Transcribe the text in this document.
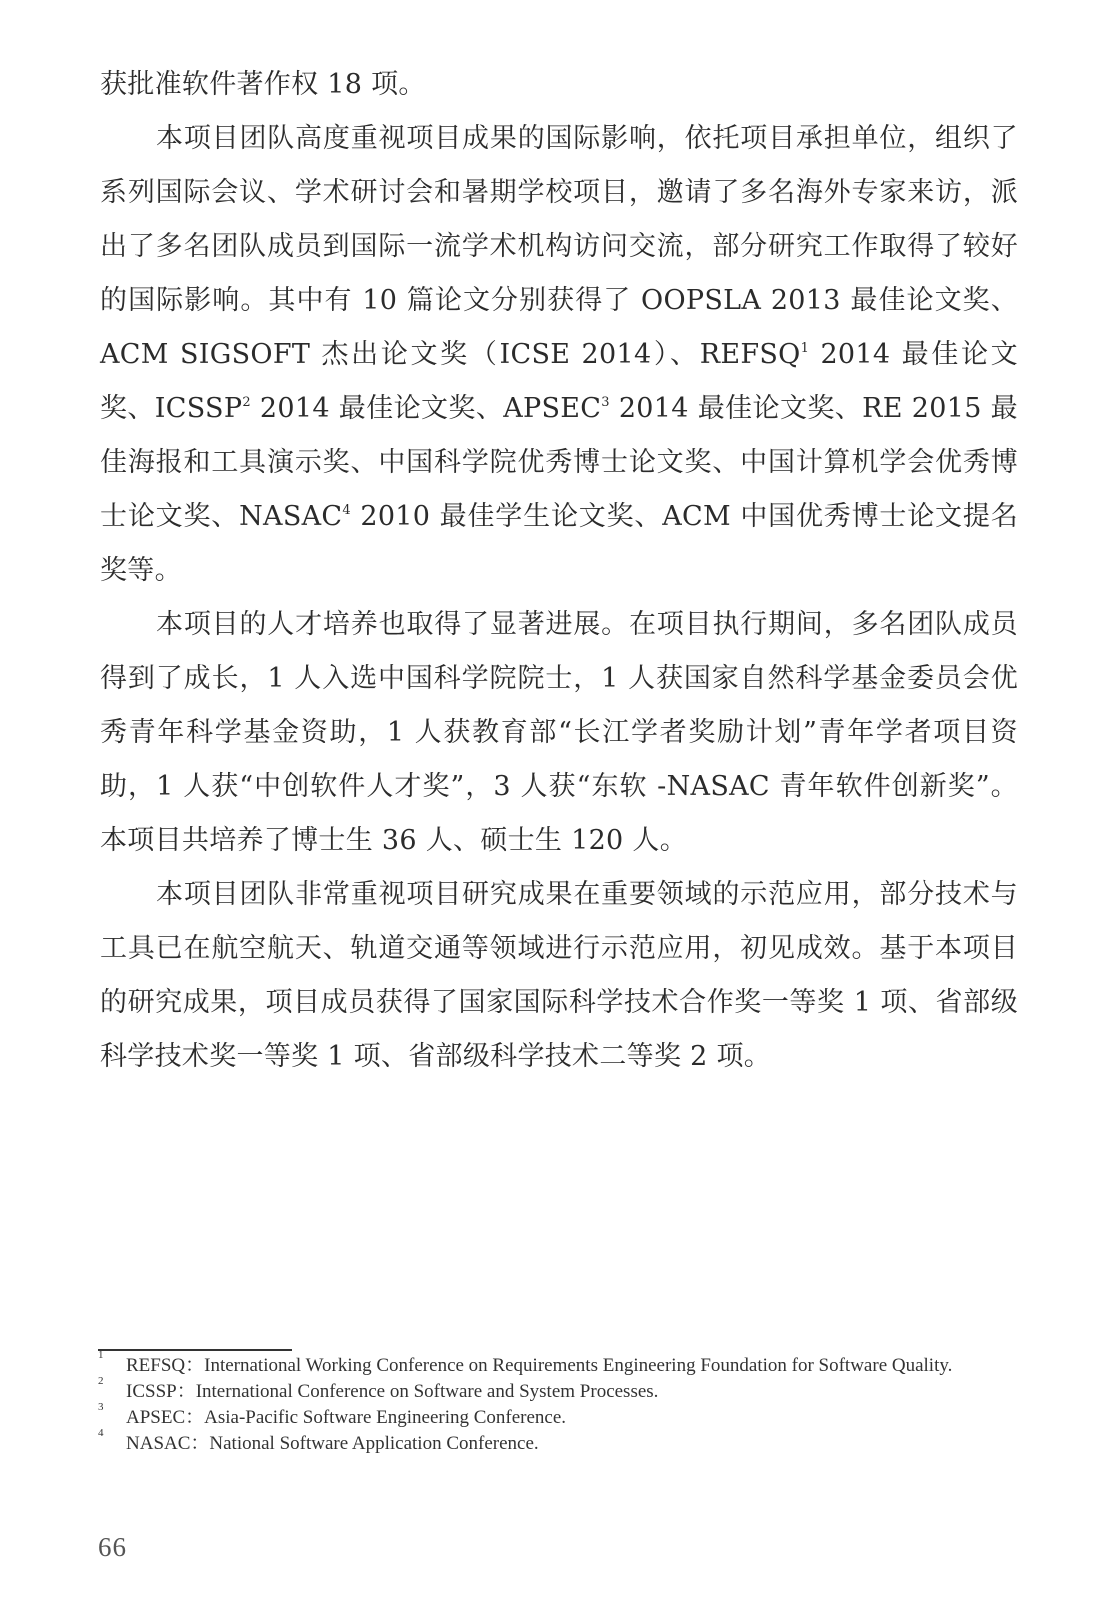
获批准软件著作权 18 项。

本项目团队高度重视项目成果的国际影响，依托项目承担单位，组织了系列国际会议、学术研讨会和暑期学校项目，邀请了多名海外专家来访，派出了多名团队成员到国际一流学术机构访问交流，部分研究工作取得了较好的国际影响。其中有 10 篇论文分别获得了 OOPSLA 2013 最佳论文奖、ACM SIGSOFT 杰出论文奖（ICSE 2014）、REFSQ$^1$ 2014 最佳论文奖、ICSSP$^2$ 2014 最佳论文奖、APSEC$^3$ 2014 最佳论文奖、RE 2015 最佳海报和工具演示奖、中国科学院优秀博士论文奖、中国计算机学会优秀博士论文奖、NASAC$^4$ 2010 最佳学生论文奖、ACM 中国优秀博士论文提名奖等。

本项目的人才培养也取得了显著进展。在项目执行期间，多名团队成员得到了成长，1 人入选中国科学院院士，1 人获国家自然科学基金委员会优秀青年科学基金资助，1 人获教育部“长江学者奖励计划”青年学者项目资助，1 人获“中创软件人才奖”，3 人获“东软 -NASAC 青年软件创新奖”。本项目共培养了博士生 36 人、硕士生 120 人。

本项目团队非常重视项目研究成果在重要领域的示范应用，部分技术与工具已在航空航天、轨道交通等领域进行示范应用，初见成效。基于本项目的研究成果，项目成员获得了国家国际科学技术合作奖一等奖 1 项、省部级科学技术奖一等奖 1 项、省部级科学技术二等奖 2 项。

1	REFSQ：International Working Conference on Requirements Engineering Foundation for Software Quality.

2	ICSSP：International Conference on Software and System Processes.

3	APSEC：Asia-Pacific Software Engineering Conference.

4	NASAC：National Software Application Conference.

66
